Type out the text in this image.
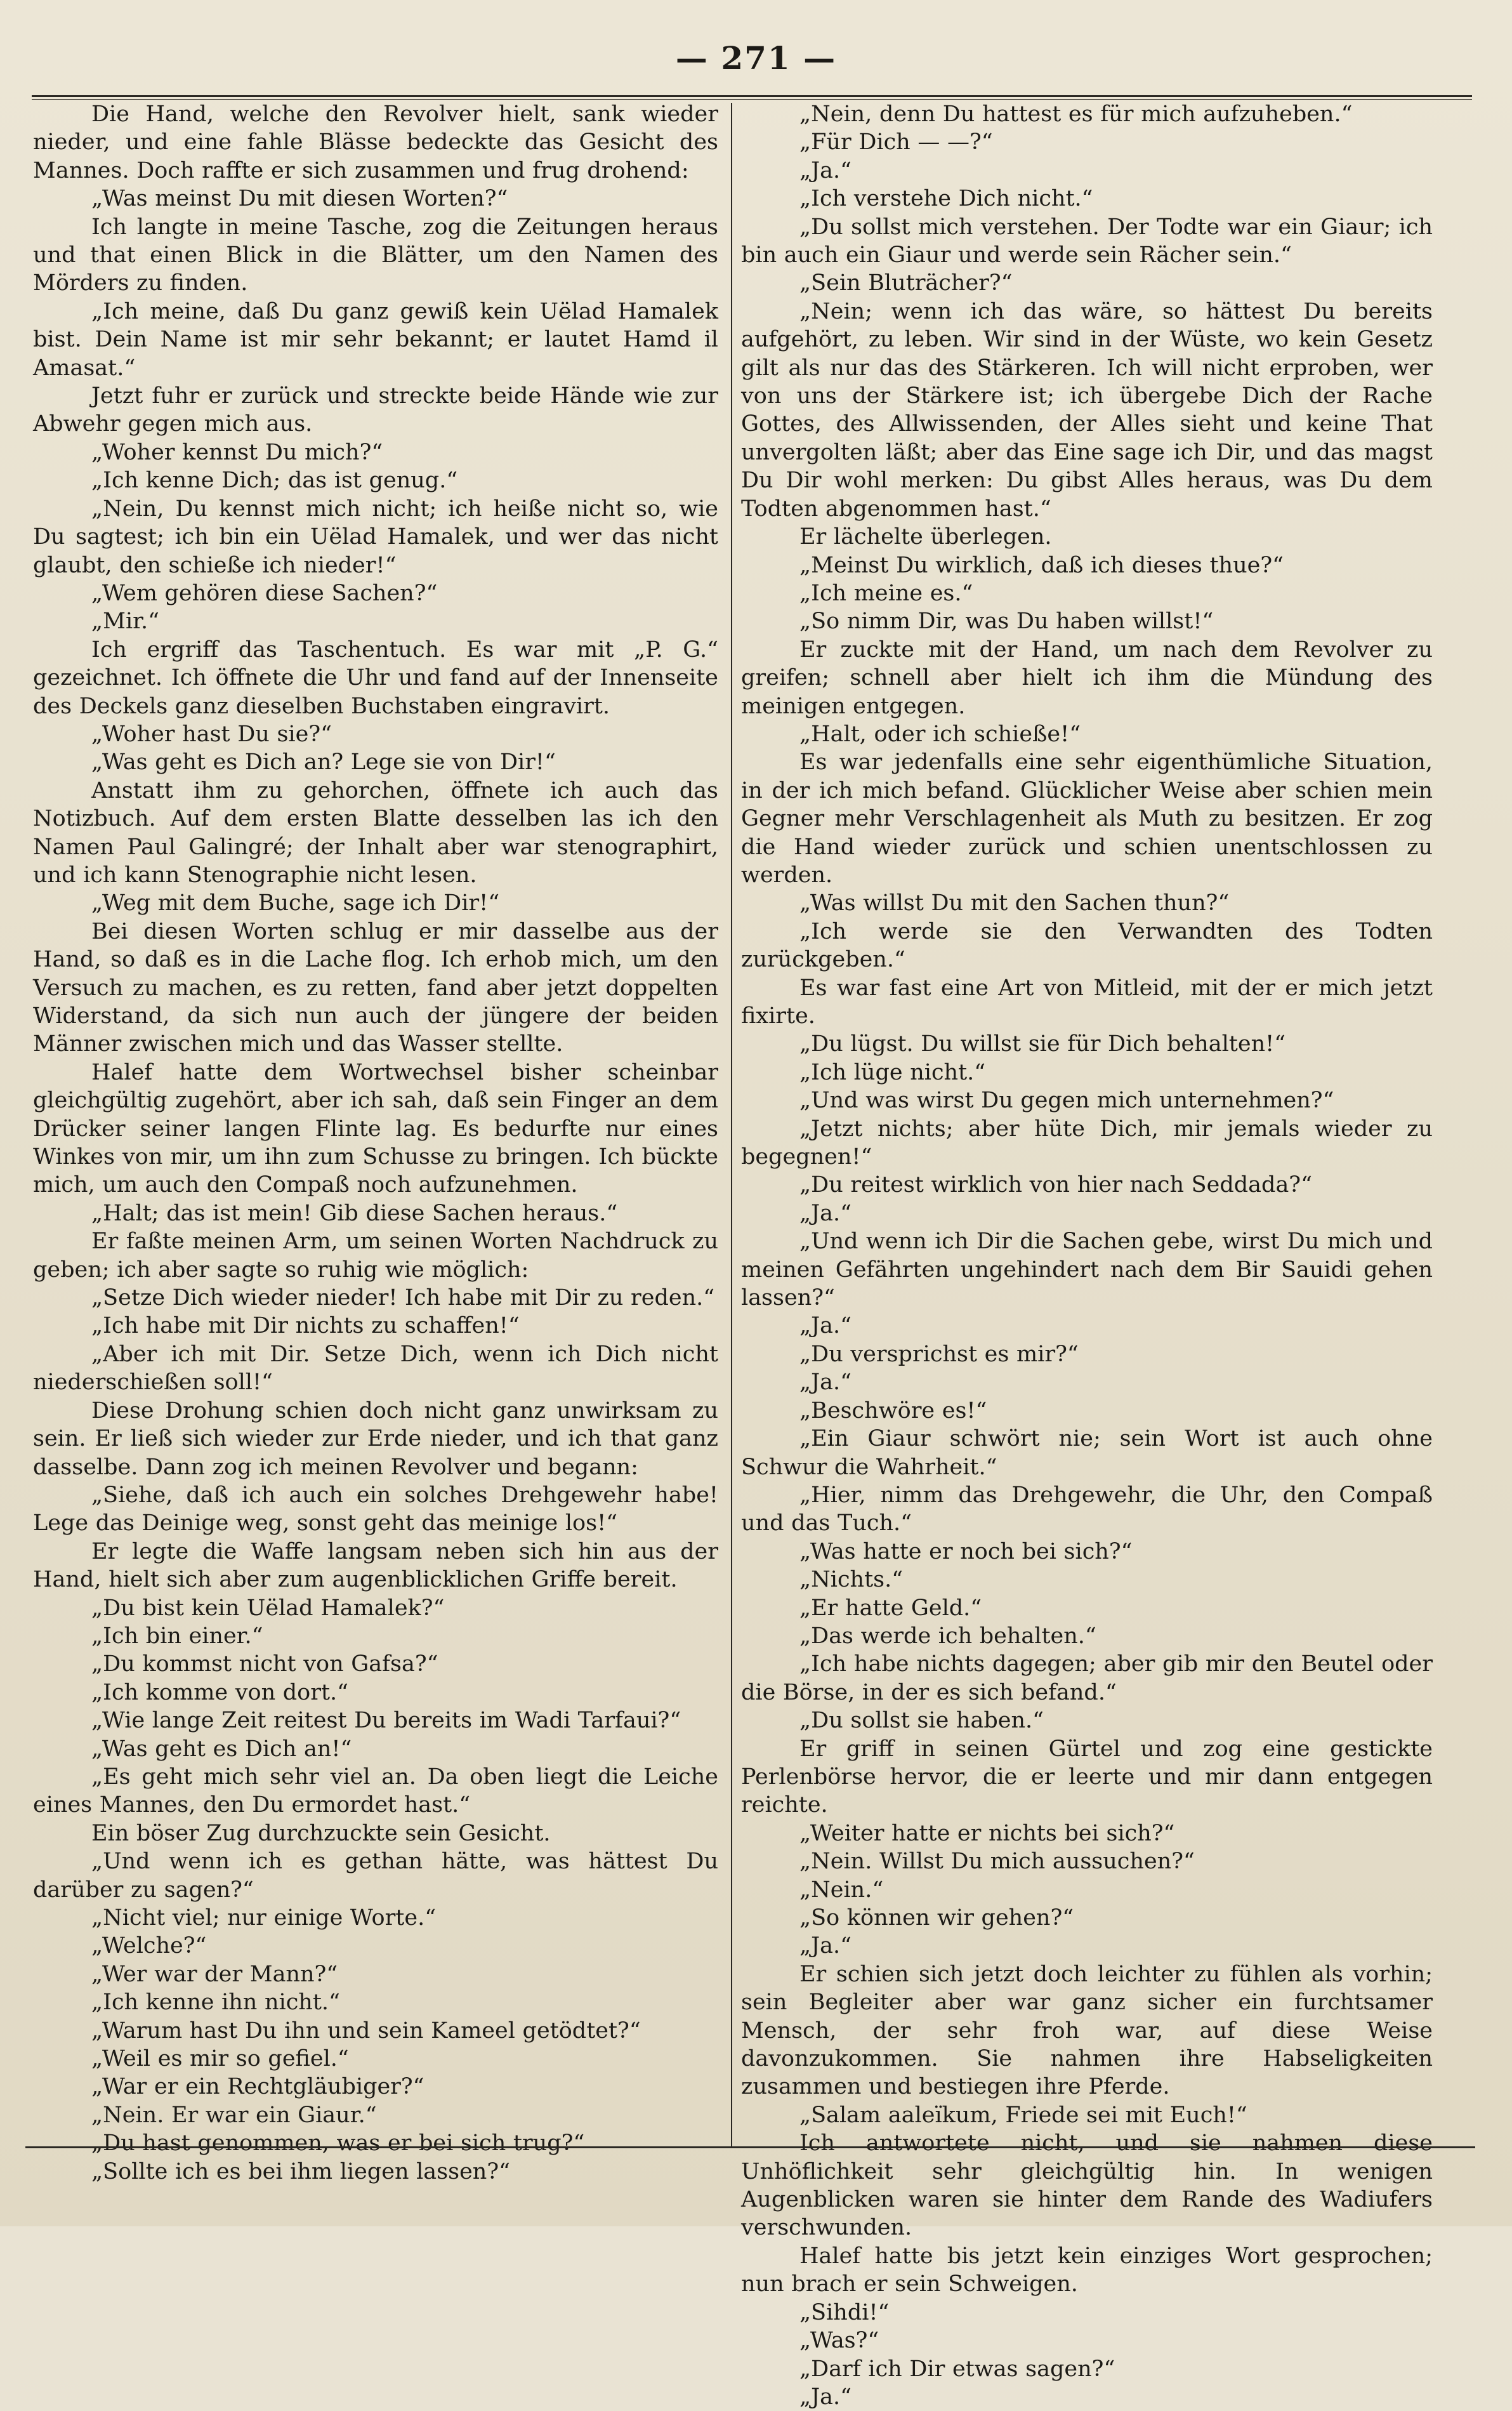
— 271 —

Die Hand, welche den Revolver hielt, sank wieder nieder, und eine fahle Blässe bedeckte das Gesicht des Mannes. Doch raffte er sich zusammen und frug drohend:

„Was meinst Du mit diesen Worten?“

Ich langte in meine Tasche, zog die Zeitungen heraus und that einen Blick in die Blätter, um den Namen des Mörders zu finden.

„Ich meine, daß Du ganz gewiß kein Uëlad Hamalek bist. Dein Name ist mir sehr bekannt; er lautet Hamd il Amasat.“

Jetzt fuhr er zurück und streckte beide Hände wie zur Abwehr gegen mich aus.

„Woher kennst Du mich?“

„Ich kenne Dich; das ist genug.“

„Nein, Du kennst mich nicht; ich heiße nicht so, wie Du sagtest; ich bin ein Uëlad Hamalek, und wer das nicht glaubt, den schieße ich nieder!“

„Wem gehören diese Sachen?“

„Mir.“

Ich ergriff das Taschentuch. Es war mit „P. G.“ gezeichnet. Ich öffnete die Uhr und fand auf der Innenseite des Deckels ganz dieselben Buchstaben eingravirt.

„Woher hast Du sie?“

„Was geht es Dich an? Lege sie von Dir!“

Anstatt ihm zu gehorchen, öffnete ich auch das Notizbuch. Auf dem ersten Blatte desselben las ich den Namen Paul Galingré; der Inhalt aber war stenographirt, und ich kann Stenographie nicht lesen.

„Weg mit dem Buche, sage ich Dir!“

Bei diesen Worten schlug er mir dasselbe aus der Hand, so daß es in die Lache flog. Ich erhob mich, um den Versuch zu machen, es zu retten, fand aber jetzt doppelten Widerstand, da sich nun auch der jüngere der beiden Männer zwischen mich und das Wasser stellte.

Halef hatte dem Wortwechsel bisher scheinbar gleichgültig zugehört, aber ich sah, daß sein Finger an dem Drücker seiner langen Flinte lag. Es bedurfte nur eines Winkes von mir, um ihn zum Schusse zu bringen. Ich bückte mich, um auch den Compaß noch aufzunehmen.

„Halt; das ist mein! Gib diese Sachen heraus.“

Er faßte meinen Arm, um seinen Worten Nachdruck zu geben; ich aber sagte so ruhig wie möglich:

„Setze Dich wieder nieder! Ich habe mit Dir zu reden.“

„Ich habe mit Dir nichts zu schaffen!“

„Aber ich mit Dir. Setze Dich, wenn ich Dich nicht niederschießen soll!“

Diese Drohung schien doch nicht ganz unwirksam zu sein. Er ließ sich wieder zur Erde nieder, und ich that ganz dasselbe. Dann zog ich meinen Revolver und begann:

„Siehe, daß ich auch ein solches Drehgewehr habe! Lege das Deinige weg, sonst geht das meinige los!“

Er legte die Waffe langsam neben sich hin aus der Hand, hielt sich aber zum augenblicklichen Griffe bereit.

„Du bist kein Uëlad Hamalek?“

„Ich bin einer.“

„Du kommst nicht von Gafsa?“

„Ich komme von dort.“

„Wie lange Zeit reitest Du bereits im Wadi Tarfaui?“

„Was geht es Dich an!“

„Es geht mich sehr viel an. Da oben liegt die Leiche eines Mannes, den Du ermordet hast.“

Ein böser Zug durchzuckte sein Gesicht.

„Und wenn ich es gethan hätte, was hättest Du darüber zu sagen?“

„Nicht viel; nur einige Worte.“

„Welche?“

„Wer war der Mann?“

„Ich kenne ihn nicht.“

„Warum hast Du ihn und sein Kameel getödtet?“

„Weil es mir so gefiel.“

„War er ein Rechtgläubiger?“

„Nein. Er war ein Giaur.“

„Du hast genommen, was er bei sich trug?“

„Sollte ich es bei ihm liegen lassen?“

„Nein, denn Du hattest es für mich aufzuheben.“

„Für Dich — —?“

„Ja.“

„Ich verstehe Dich nicht.“

„Du sollst mich verstehen. Der Todte war ein Giaur; ich bin auch ein Giaur und werde sein Rächer sein.“

„Sein Bluträcher?“

„Nein; wenn ich das wäre, so hättest Du bereits aufgehört, zu leben. Wir sind in der Wüste, wo kein Gesetz gilt als nur das des Stärkeren. Ich will nicht erproben, wer von uns der Stärkere ist; ich übergebe Dich der Rache Gottes, des Allwissenden, der Alles sieht und keine That unvergolten läßt; aber das Eine sage ich Dir, und das magst Du Dir wohl merken: Du gibst Alles heraus, was Du dem Todten abgenommen hast.“

Er lächelte überlegen.

„Meinst Du wirklich, daß ich dieses thue?“

„Ich meine es.“

„So nimm Dir, was Du haben willst!“

Er zuckte mit der Hand, um nach dem Revolver zu greifen; schnell aber hielt ich ihm die Mündung des meinigen entgegen.

„Halt, oder ich schieße!“

Es war jedenfalls eine sehr eigenthümliche Situation, in der ich mich befand. Glücklicher Weise aber schien mein Gegner mehr Verschlagenheit als Muth zu besitzen. Er zog die Hand wieder zurück und schien unentschlossen zu werden.

„Was willst Du mit den Sachen thun?“

„Ich werde sie den Verwandten des Todten zurückgeben.“

Es war fast eine Art von Mitleid, mit der er mich jetzt fixirte.

„Du lügst. Du willst sie für Dich behalten!“

„Ich lüge nicht.“

„Und was wirst Du gegen mich unternehmen?“

„Jetzt nichts; aber hüte Dich, mir jemals wieder zu begegnen!“

„Du reitest wirklich von hier nach Seddada?“

„Ja.“

„Und wenn ich Dir die Sachen gebe, wirst Du mich und meinen Gefährten ungehindert nach dem Bir Sauidi gehen lassen?“

„Ja.“

„Du versprichst es mir?“

„Ja.“

„Beschwöre es!“

„Ein Giaur schwört nie; sein Wort ist auch ohne Schwur die Wahrheit.“

„Hier, nimm das Drehgewehr, die Uhr, den Compaß und das Tuch.“

„Was hatte er noch bei sich?“

„Nichts.“

„Er hatte Geld.“

„Das werde ich behalten.“

„Ich habe nichts dagegen; aber gib mir den Beutel oder die Börse, in der es sich befand.“

„Du sollst sie haben.“

Er griff in seinen Gürtel und zog eine gestickte Perlenbörse hervor, die er leerte und mir dann entgegen reichte.

„Weiter hatte er nichts bei sich?“

„Nein. Willst Du mich aussuchen?“

„Nein.“

„So können wir gehen?“

„Ja.“

Er schien sich jetzt doch leichter zu fühlen als vorhin; sein Begleiter aber war ganz sicher ein furchtsamer Mensch, der sehr froh war, auf diese Weise davonzukommen. Sie nahmen ihre Habseligkeiten zusammen und bestiegen ihre Pferde.

„Salam aaleïkum, Friede sei mit Euch!“

Ich antwortete nicht, und sie nahmen diese Unhöflichkeit sehr gleichgültig hin. In wenigen Augenblicken waren sie hinter dem Rande des Wadiufers verschwunden.

Halef hatte bis jetzt kein einziges Wort gesprochen; nun brach er sein Schweigen.

„Sihdi!“

„Was?“

„Darf ich Dir etwas sagen?“

„Ja.“
